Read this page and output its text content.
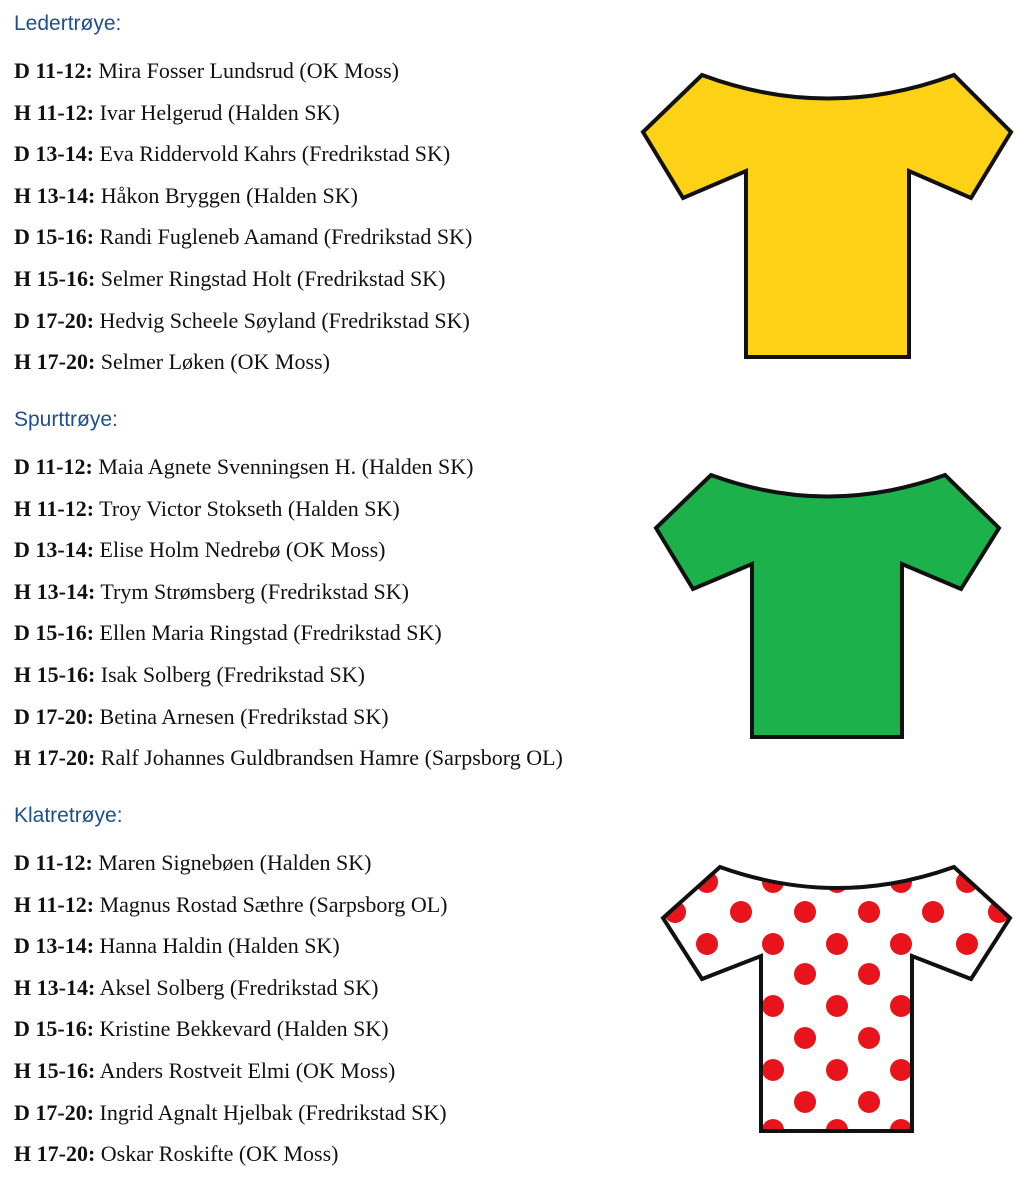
Ledertrøye:
D 11-12: Mira Fosser Lundsrud (OK Moss)
H 11-12: Ivar Helgerud (Halden SK)
D 13-14: Eva Riddervold Kahrs (Fredrikstad SK)
H 13-14: Håkon Bryggen (Halden SK)
D 15-16: Randi Fugleneb Aamand (Fredrikstad SK)
H 15-16: Selmer Ringstad Holt (Fredrikstad SK)
D 17-20: Hedvig Scheele Søyland (Fredrikstad SK)
H 17-20: Selmer Løken (OK Moss)
Spurttrøye:
D 11-12: Maia Agnete Svenningsen H. (Halden SK)
H 11-12: Troy Victor Stokseth (Halden SK)
D 13-14: Elise Holm Nedrebø (OK Moss)
H 13-14: Trym Strømsberg (Fredrikstad SK)
D 15-16: Ellen Maria Ringstad (Fredrikstad SK)
H 15-16: Isak Solberg (Fredrikstad SK)
D 17-20: Betina Arnesen (Fredrikstad SK)
H 17-20: Ralf Johannes Guldbrandsen Hamre (Sarpsborg OL)
Klatretrøye:
D 11-12: Maren Signebøen (Halden SK)
H 11-12: Magnus Rostad Sæthre (Sarpsborg OL)
D 13-14: Hanna Haldin (Halden SK)
H 13-14: Aksel Solberg (Fredrikstad SK)
D 15-16: Kristine Bekkevard (Halden SK)
H 15-16: Anders Rostveit Elmi (OK Moss)
D 17-20: Ingrid Agnalt Hjelbak (Fredrikstad SK)
H 17-20: Oskar Roskifte (OK Moss)
